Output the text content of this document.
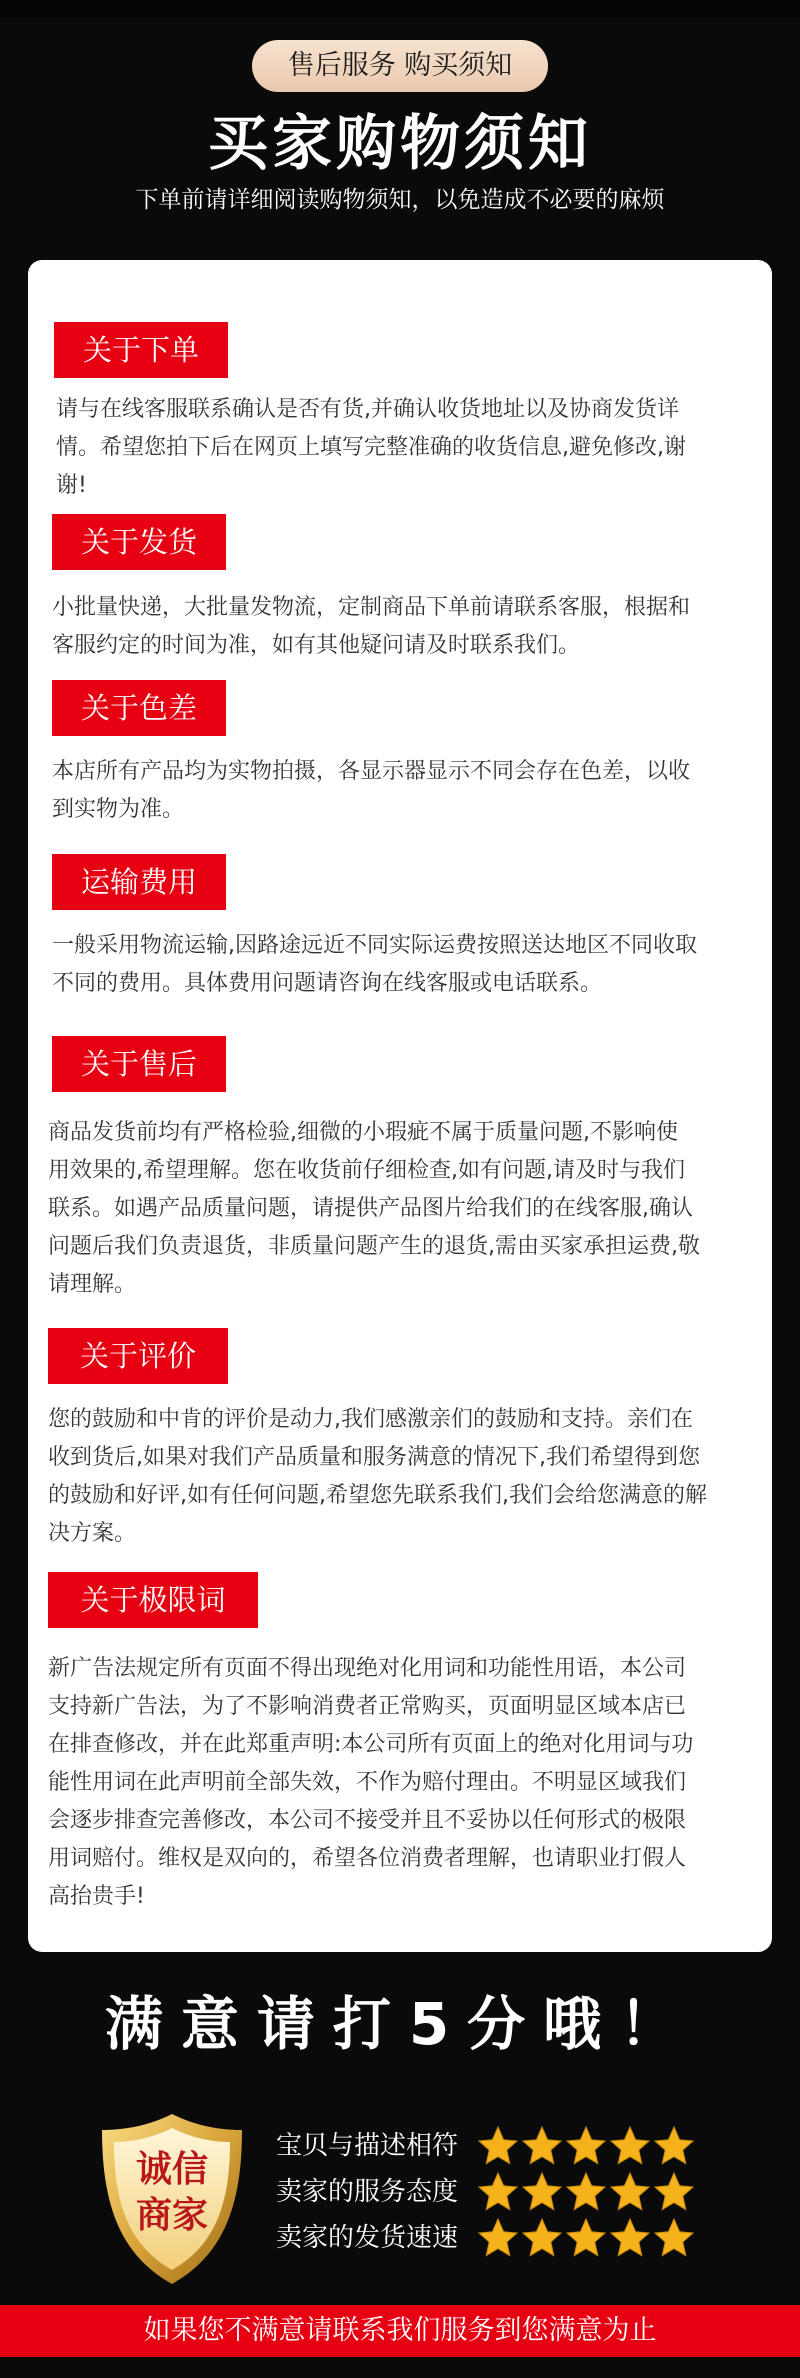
售后服务 购买须知
买家购物须知
下单前请详细阅读购物须知，以免造成不必要的麻烦
关于下单
请与在线客服联系确认是否有货,并确认收货地址以及协商发货详
情。希望您拍下后在网页上填写完整准确的收货信息,避免修改,谢
谢!
关于发货
小批量快递，大批量发物流，定制商品下单前请联系客服，根据和
客服约定的时间为准，如有其他疑问请及时联系我们。
关于色差
本店所有产品均为实物拍摄，各显示器显示不同会存在色差，以收
到实物为准。
运输费用
一般采用物流运输,因路途远近不同实际运费按照送达地区不同收取
不同的费用。具体费用问题请咨询在线客服或电话联系。
关于售后
商品发货前均有严格检验,细微的小瑕疵不属于质量问题,不影响使
用效果的,希望理解。您在收货前仔细检查,如有问题,请及时与我们
联系。如遇产品质量问题，请提供产品图片给我们的在线客服,确认
问题后我们负责退货，非质量问题产生的退货,需由买家承担运费,敬
请理解。
关于评价
您的鼓励和中肯的评价是动力,我们感激亲们的鼓励和支持。亲们在
收到货后,如果对我们产品质量和服务满意的情况下,我们希望得到您
的鼓励和好评,如有任何问题,希望您先联系我们,我们会给您满意的解
决方案。
关于极限词
新广告法规定所有页面不得出现绝对化用词和功能性用语，本公司
支持新广告法，为了不影响消费者正常购买，页面明显区域本店已
在排查修改，并在此郑重声明:本公司所有页面上的绝对化用词与功
能性用词在此声明前全部失效，不作为赔付理由。不明显区域我们
会逐步排查完善修改，本公司不接受并且不妥协以任何形式的极限
用词赔付。维权是双向的，希望各位消费者理解，也请职业打假人
高抬贵手!
满意请打5分哦！
诚信
商家
宝贝与描述相符
卖家的服务态度
卖家的发货速速
如果您不满意请联系我们服务到您满意为止
